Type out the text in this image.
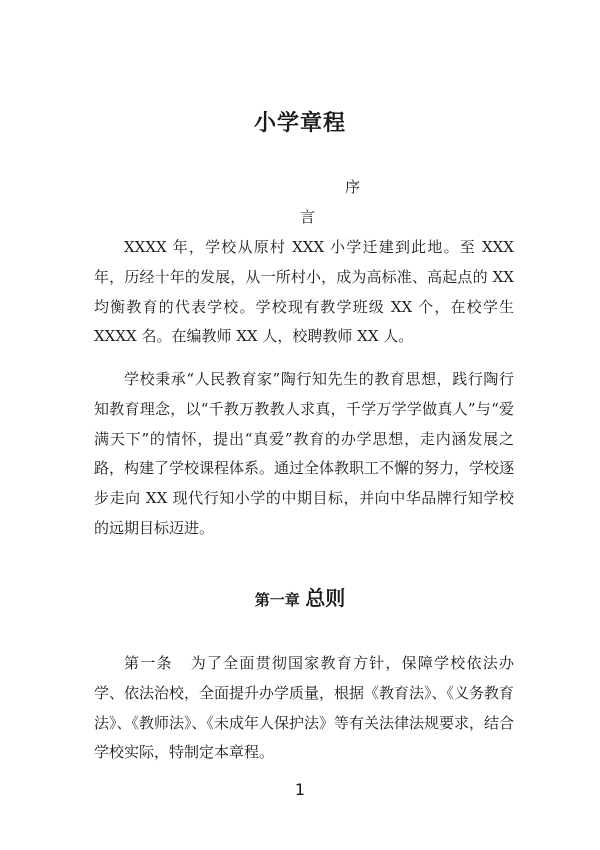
小学章程
序
言

XXXX 年，学校从原村 XXX 小学迁建到此地。至 XXX 年，历经十年的发展，从一所村小，成为高标准、高起点的 XX 均衡教育的代表学校。学校现有教学班级 XX 个，在校学生 XXXX 名。在编教师 XX 人，校聘教师 XX 人。

学校秉承“人民教育家”陶行知先生的教育思想，践行陶行知教育理念，以“千教万教教人求真，千学万学学做真人”与“爱满天下”的情怀，提出“真爱”教育的办学思想，走内涵发展之路，构建了学校课程体系。通过全体教职工不懈的努力，学校逐步走向 XX 现代行知小学的中期目标，并向中华品牌行知学校的远期目标迈进。

第一章 总则

第一条 为了全面贯彻国家教育方针，保障学校依法办学、依法治校，全面提升办学质量，根据《教育法》、《义务教育法》、《教师法》、《未成年人保护法》等有关法律法规要求，结合学校实际，特制定本章程。

1
